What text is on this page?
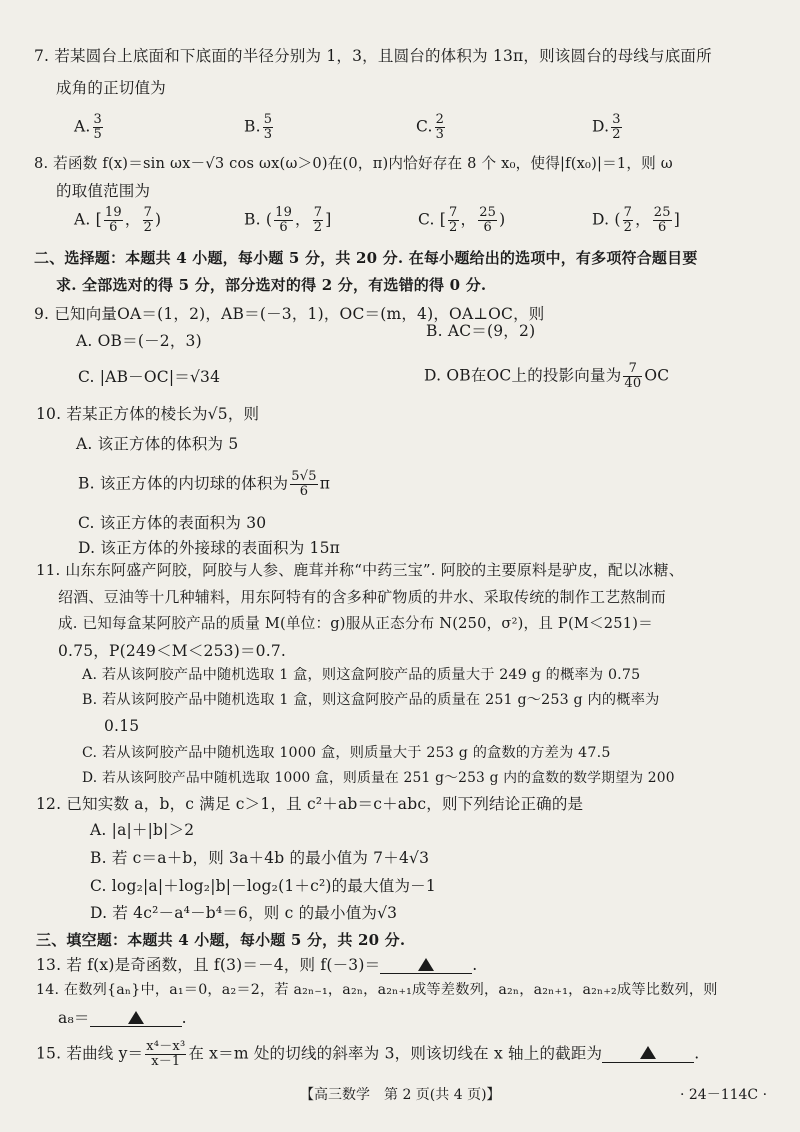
7. 若某圆台上底面和下底面的半径分别为 1，3，且圆台的体积为 13π，则该圆台的母线与底面所
成角的正切值为
A. $\frac{3}{5}$	B. $\frac{5}{3}$	C. $\frac{2}{3}$	D. $\frac{3}{2}$
8. 若函数 f(x)＝sin ωx－√3 cos ωx(ω＞0)在(0，π)内恰好存在 8 个 x₀，使得|f(x₀)|＝1，则 ω
的取值范围为
A. [ $\frac{19}{6}$ ， $\frac{7}{2}$ )	B. ( $\frac{19}{6}$ ， $\frac{7}{2}$ ]	C. [ $\frac{7}{2}$ ， $\frac{25}{6}$ )	D. ( $\frac{7}{2}$ ， $\frac{25}{6}$ ]
二、选择题：本题共 4 小题，每小题 5 分，共 20 分. 在每小题给出的选项中，有多项符合题目要
求. 全部选对的得 5 分，部分选对的得 2 分，有选错的得 0 分.
9. 已知向量OA＝(1，2)，AB＝(－3，1)，OC＝(m，4)，OA⊥OC，则
A. OB＝(－2，3)
B. AC＝(9，2)
C. |AB－OC|＝√34	D. OB在OC上的投影向量为 $\frac{7}{40}$ OC
10. 若某正方体的棱长为√5，则
A. 该正方体的体积为 5
B. 该正方体的内切球的体积为 $\frac{5√5}{6}$ π
C. 该正方体的表面积为 30
D. 该正方体的外接球的表面积为 15π
11. 山东东阿盛产阿胶，阿胶与人参、鹿茸并称“中药三宝”. 阿胶的主要原料是驴皮，配以冰糖、
绍酒、豆油等十几种辅料，用东阿特有的含多种矿物质的井水、采取传统的制作工艺熬制而
成. 已知每盒某阿胶产品的质量 M(单位：g)服从正态分布 N(250，σ²)，且 P(M＜251)＝
0.75，P(249＜M＜253)＝0.7.
A. 若从该阿胶产品中随机选取 1 盒，则这盒阿胶产品的质量大于 249 g 的概率为 0.75
B. 若从该阿胶产品中随机选取 1 盒，则这盒阿胶产品的质量在 251 g～253 g 内的概率为
0.15
C. 若从该阿胶产品中随机选取 1000 盒，则质量大于 253 g 的盒数的方差为 47.5
D. 若从该阿胶产品中随机选取 1000 盒，则质量在 251 g～253 g 内的盒数的数学期望为 200
12. 已知实数 a，b，c 满足 c＞1，且 c²＋ab＝c＋abc，则下列结论正确的是
A. |a|＋|b|＞2
B. 若 c＝a＋b，则 3a＋4b 的最小值为 7＋4√3
C. log₂|a|＋log₂|b|－log₂(1＋c²)的最大值为－1
D. 若 4c²－a⁴－b⁴＝6，则 c 的最小值为√3
三、填空题：本题共 4 小题，每小题 5 分，共 20 分.
13. 若 f(x)是奇函数，且 f(3)＝－4，则 f(－3)＝	.
14. 在数列{aₙ}中，a₁＝0，a₂＝2，若 a₂ₙ₋₁，a₂ₙ，a₂ₙ₊₁成等差数列，a₂ₙ，a₂ₙ₊₁，a₂ₙ₊₂成等比数列，则
a₈＝	.
15. 若曲线 $y= \frac{\text{x⁴－x³}}{x-1}$ 在 x＝m 处的切线的斜率为 3，则该切线在 x 轴上的截距为	.
【高三数学　第 2 页(共 4 页)】	· 24－114C ·
